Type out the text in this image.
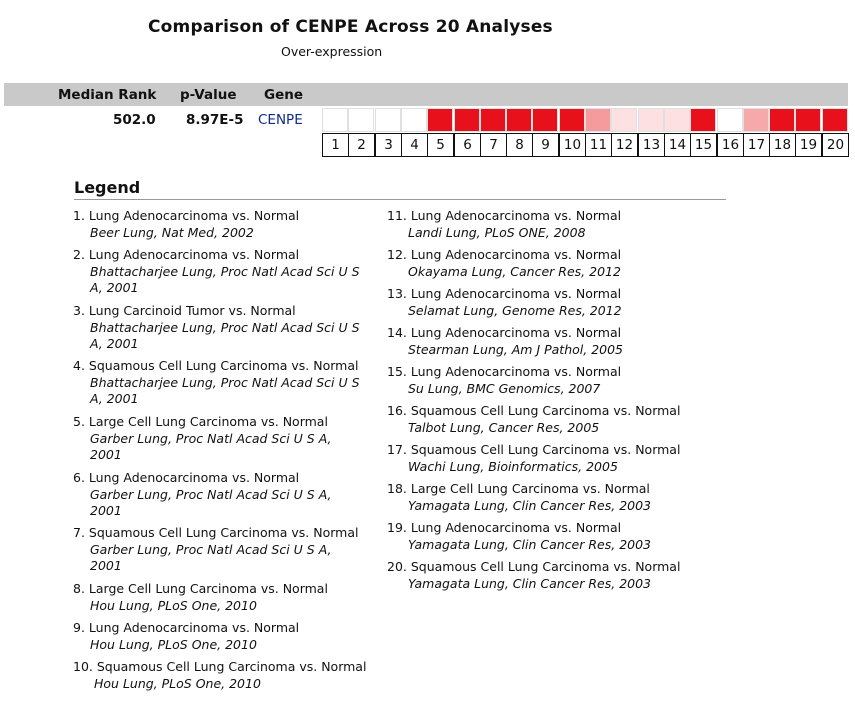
Comparison of CENPE Across 20 Analyses
Over-expression
Median Rank p-Value Gene
502.0 8.97E-5 CENPE
1	2	3	4	5	6	7	8	9	10 11 12 13 14 15 16 17 18 19 20
Legend
1. Lung Adenocarcinoma vs. Normal
Beer Lung, Nat Med, 2002
2. Lung Adenocarcinoma vs. Normal
Bhattacharjee Lung, Proc Natl Acad Sci U S
A, 2001
3. Lung Carcinoid Tumor vs. Normal
Bhattacharjee Lung, Proc Natl Acad Sci U S
A, 2001
4. Squamous Cell Lung Carcinoma vs. Normal
Bhattacharjee Lung, Proc Natl Acad Sci U S
A, 2001
5. Large Cell Lung Carcinoma vs. Normal
Garber Lung, Proc Natl Acad Sci U S A,
2001
6. Lung Adenocarcinoma vs. Normal
Garber Lung, Proc Natl Acad Sci U S A,
2001
7. Squamous Cell Lung Carcinoma vs. Normal
Garber Lung, Proc Natl Acad Sci U S A,
2001
8. Large Cell Lung Carcinoma vs. Normal
Hou Lung, PLoS One, 2010
9. Lung Adenocarcinoma vs. Normal
Hou Lung, PLoS One, 2010
10. Squamous Cell Lung Carcinoma vs. Normal
Hou Lung, PLoS One, 2010
11. Lung Adenocarcinoma vs. Normal
Landi Lung, PLoS ONE, 2008
12. Lung Adenocarcinoma vs. Normal
Okayama Lung, Cancer Res, 2012
13. Lung Adenocarcinoma vs. Normal
Selamat Lung, Genome Res, 2012
14. Lung Adenocarcinoma vs. Normal
Stearman Lung, Am J Pathol, 2005
15. Lung Adenocarcinoma vs. Normal
Su Lung, BMC Genomics, 2007
16. Squamous Cell Lung Carcinoma vs. Normal
Talbot Lung, Cancer Res, 2005
17. Squamous Cell Lung Carcinoma vs. Normal
Wachi Lung, Bioinformatics, 2005
18. Large Cell Lung Carcinoma vs. Normal
Yamagata Lung, Clin Cancer Res, 2003
19. Lung Adenocarcinoma vs. Normal
Yamagata Lung, Clin Cancer Res, 2003
20. Squamous Cell Lung Carcinoma vs. Normal
Yamagata Lung, Clin Cancer Res, 2003
